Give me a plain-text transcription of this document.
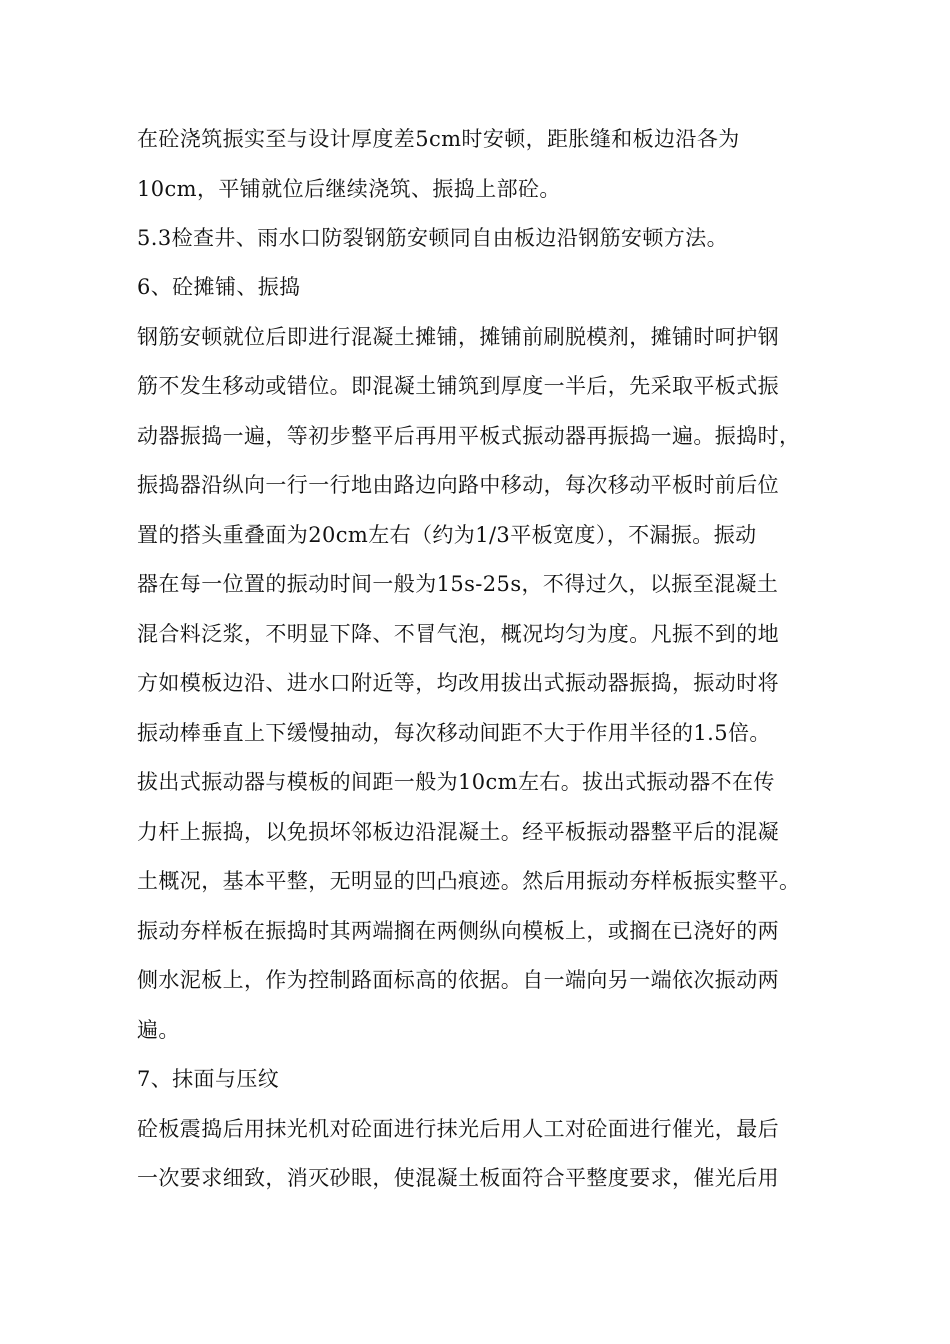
在砼浇筑振实至与设计厚度差5cm时安顿，距胀缝和板边沿各为
10cm，平铺就位后继续浇筑、振捣上部砼。
5.3检查井、雨水口防裂钢筋安顿同自由板边沿钢筋安顿方法。
6、砼摊铺、振捣
钢筋安顿就位后即进行混凝土摊铺，摊铺前刷脱模剂，摊铺时呵护钢
筋不发生移动或错位。即混凝土铺筑到厚度一半后，先采取平板式振
动器振捣一遍，等初步整平后再用平板式振动器再振捣一遍。振捣时，
振捣器沿纵向一行一行地由路边向路中移动，每次移动平板时前后位
置的搭头重叠面为20cm左右（约为1/3平板宽度），不漏振。振动
器在每一位置的振动时间一般为15s-25s，不得过久，以振至混凝土
混合料泛浆，不明显下降、不冒气泡，概况均匀为度。凡振不到的地
方如模板边沿、进水口附近等，均改用拔出式振动器振捣，振动时将
振动棒垂直上下缓慢抽动，每次移动间距不大于作用半径的1.5倍。
拔出式振动器与模板的间距一般为10cm左右。拔出式振动器不在传
力杆上振捣，以免损坏邻板边沿混凝土。经平板振动器整平后的混凝
土概况，基本平整，无明显的凹凸痕迹。然后用振动夯样板振实整平。
振动夯样板在振捣时其两端搁在两侧纵向模板上，或搁在已浇好的两
侧水泥板上，作为控制路面标高的依据。自一端向另一端依次振动两
遍。
7、抹面与压纹
砼板震捣后用抹光机对砼面进行抹光后用人工对砼面进行催光，最后
一次要求细致，消灭砂眼，使混凝土板面符合平整度要求，催光后用
